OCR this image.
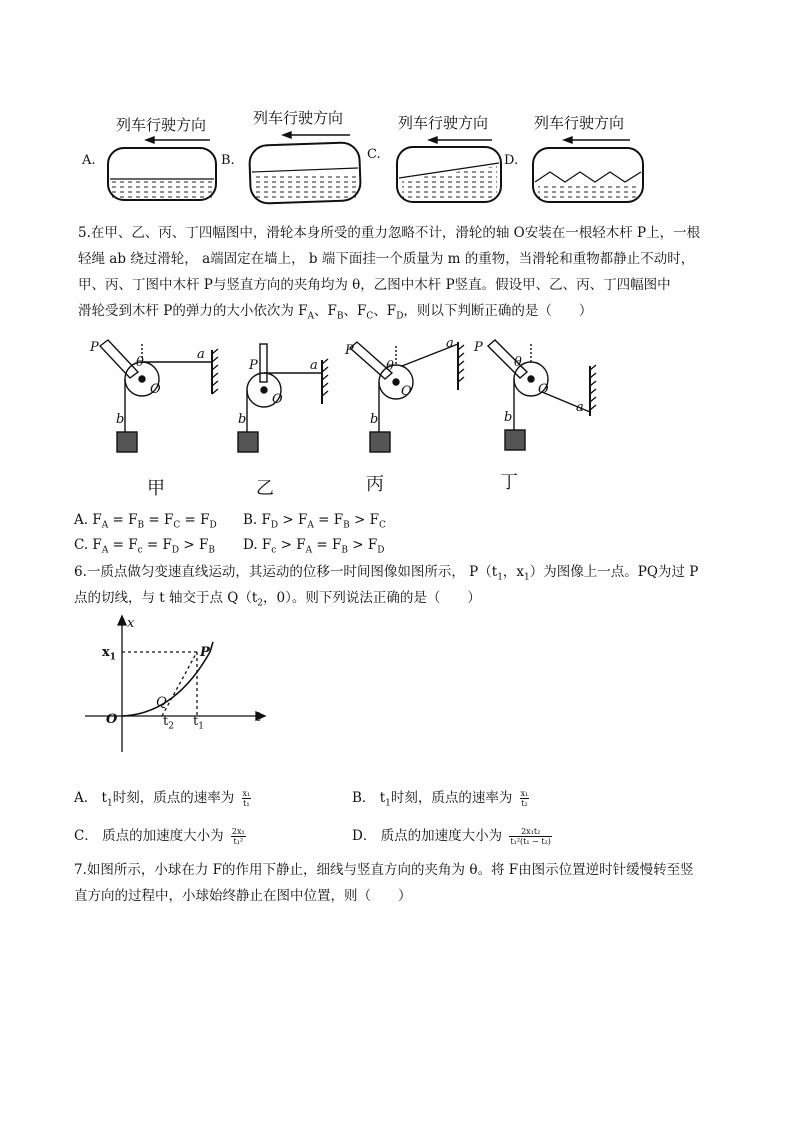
A.	B.	C.	D.
列车行驶方向	列车行驶方向	列车行驶方向	列车行驶方向
5.在甲、乙、丙、丁四幅图中，滑轮本身所受的重力忽略不计，滑轮的轴 O安装在一根轻木杆 P上，一根
轻绳 ab 绕过滑轮， a端固定在墙上， b 端下面挂一个质量为 m 的重物，当滑轮和重物都静止不动时，
甲、丙、丁图中木杆 P与竖直方向的夹角均为 θ，乙图中木杆 P竖直。假设甲、乙、丙、丁四幅图中
滑轮受到木杆 P的弹力的大小依次为 $F_A$、$F_B$、$F_C$、$F_D$，则以下判断正确的是（　　）
P
θ
O
a
b
P
O
a
b
P
θ
O
a
b
P
θ
O
a
b
甲	乙	丙	丁
A. $F_A = F_B = F_C = F_D$ B. $F_D > F_A = F_B > F_C$
C. $F_A = F_c = F_D > F_B$ D. $F_c > F_A = F_B > F_D$
6.一质点做匀变速直线运动，其运动的位移一时间图像如图所示， $P(t_1$，$x_1$）为图像上一点。PQ为过 P
点的切线，与 t 轴交于点 $Q(t_2$，0）。则下列说法正确的是（　　）
x
$x_1$	P
Q
O	$t_2$ $t_1$
t
A． $t_1$时刻，质点的速率为 $\frac{\text{x₁}}{\text{t₁}}$	B． $t_1$时刻，质点的速率为 $\frac{\text{x₁}}{\text{t₂}}$
C． 质点的加速度大小为 $\frac{\text{2x₁}}{\text{t₁²}}$	D． 质点的加速度大小为 $\frac{\text{2x₁t₂}}{\text{t₁²(t₁ − t₂)}}$
7.如图所示，小球在力 F的作用下静止，细线与竖直方向的夹角为 θ。将 F由图示位置逆时针缓慢转至竖
直方向的过程中，小球始终静止在图中位置，则（　　）
